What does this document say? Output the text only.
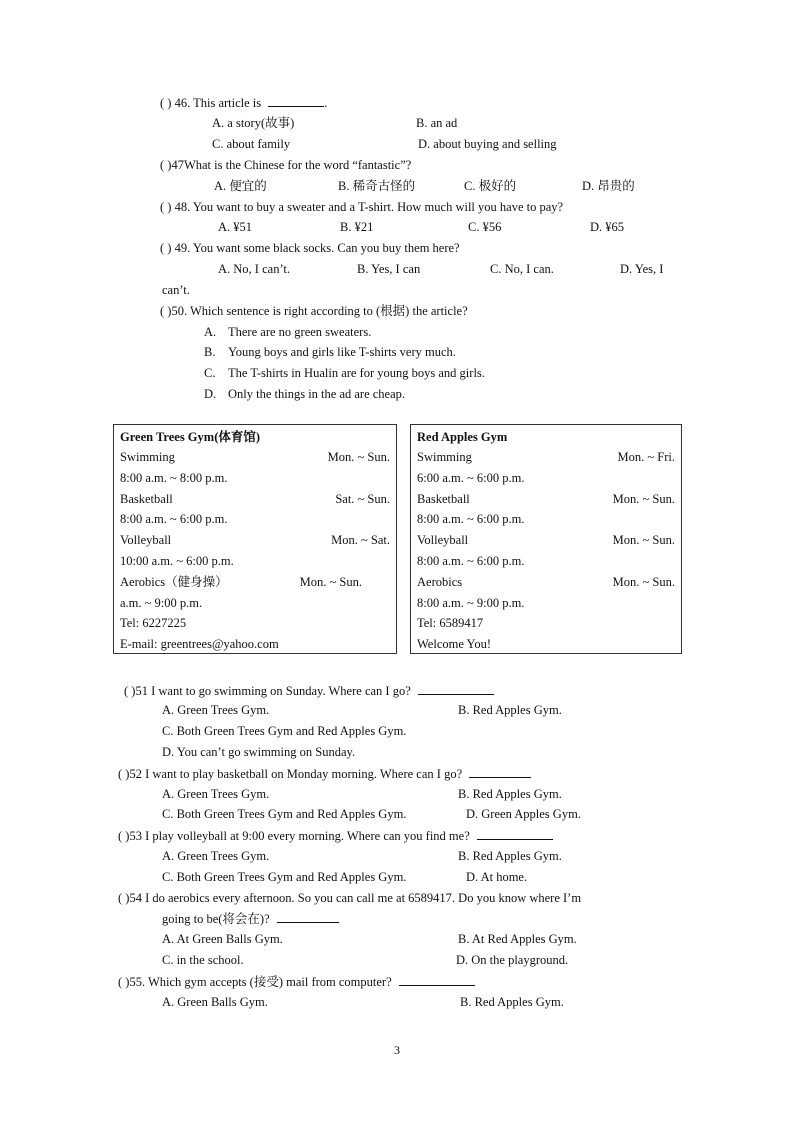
( ) 46. This article is	.
A. a story(故事)	B. an ad
C. about family	D. about buying and selling
( )47What is the Chinese for the word “fantastic”?
A. 便宜的	B. 稀奇古怪的	C. 极好的	D. 昂贵的
( ) 48. You want to buy a sweater and a T-shirt. How much will you have to pay?
A. ¥51	B. ¥21	C. ¥56	D. ¥65
( ) 49. You want some black socks. Can you buy them here?
A. No, I can’t.	B. Yes, I can	C. No, I can.	D. Yes, I
can’t.
( )50. Which sentence is right according to (根据) the article?
A. There are no green sweaters.
B. Young boys and girls like T-shirts very much.
C. The T-shirts in Hualin are for young boys and girls.
D. Only the things in the ad are cheap.
Green Trees Gym(体育馆)
Swimming	Mon. ~ Sun.
8:00 a.m. ~ 8:00 p.m.
Basketball	Sat. ~ Sun.
8:00 a.m. ~ 6:00 p.m.
Volleyball	Mon. ~ Sat.
10:00 a.m. ~ 6:00 p.m.
Aerobics（健身操）	Mon. ~ Sun.
a.m. ~ 9:00 p.m.
Tel: 6227225
E-mail: greentrees@yahoo.com
Red Apples Gym
Swimming	Mon. ~ Fri.
6:00 a.m. ~ 6:00 p.m.
Basketball	Mon. ~ Sun.
8:00 a.m. ~ 6:00 p.m.
Volleyball	Mon. ~ Sun.
8:00 a.m. ~ 6:00 p.m.
Aerobics	Mon. ~ Sun.
8:00 a.m. ~ 9:00 p.m.
Tel: 6589417
Welcome You!
( )51 I want to go swimming on Sunday. Where can I go?
A. Green Trees Gym.	B. Red Apples Gym.
C. Both Green Trees Gym and Red Apples Gym.
D. You can’t go swimming on Sunday.
( )52 I want to play basketball on Monday morning. Where can I go?
A. Green Trees Gym.	B. Red Apples Gym.
C. Both Green Trees Gym and Red Apples Gym.	D. Green Apples Gym.
( )53 I play volleyball at 9:00 every morning. Where can you find me?
A. Green Trees Gym.	B. Red Apples Gym.
C. Both Green Trees Gym and Red Apples Gym.	D. At home.
( )54 I do aerobics every afternoon. So you can call me at 6589417. Do you know where I’m
going to be(将会在)?
A. At Green Balls Gym.	B. At Red Apples Gym.
C. in the school.	D. On the playground.
( )55. Which gym accepts (接受) mail from computer?
A. Green Balls Gym.	B. Red Apples Gym.
3
